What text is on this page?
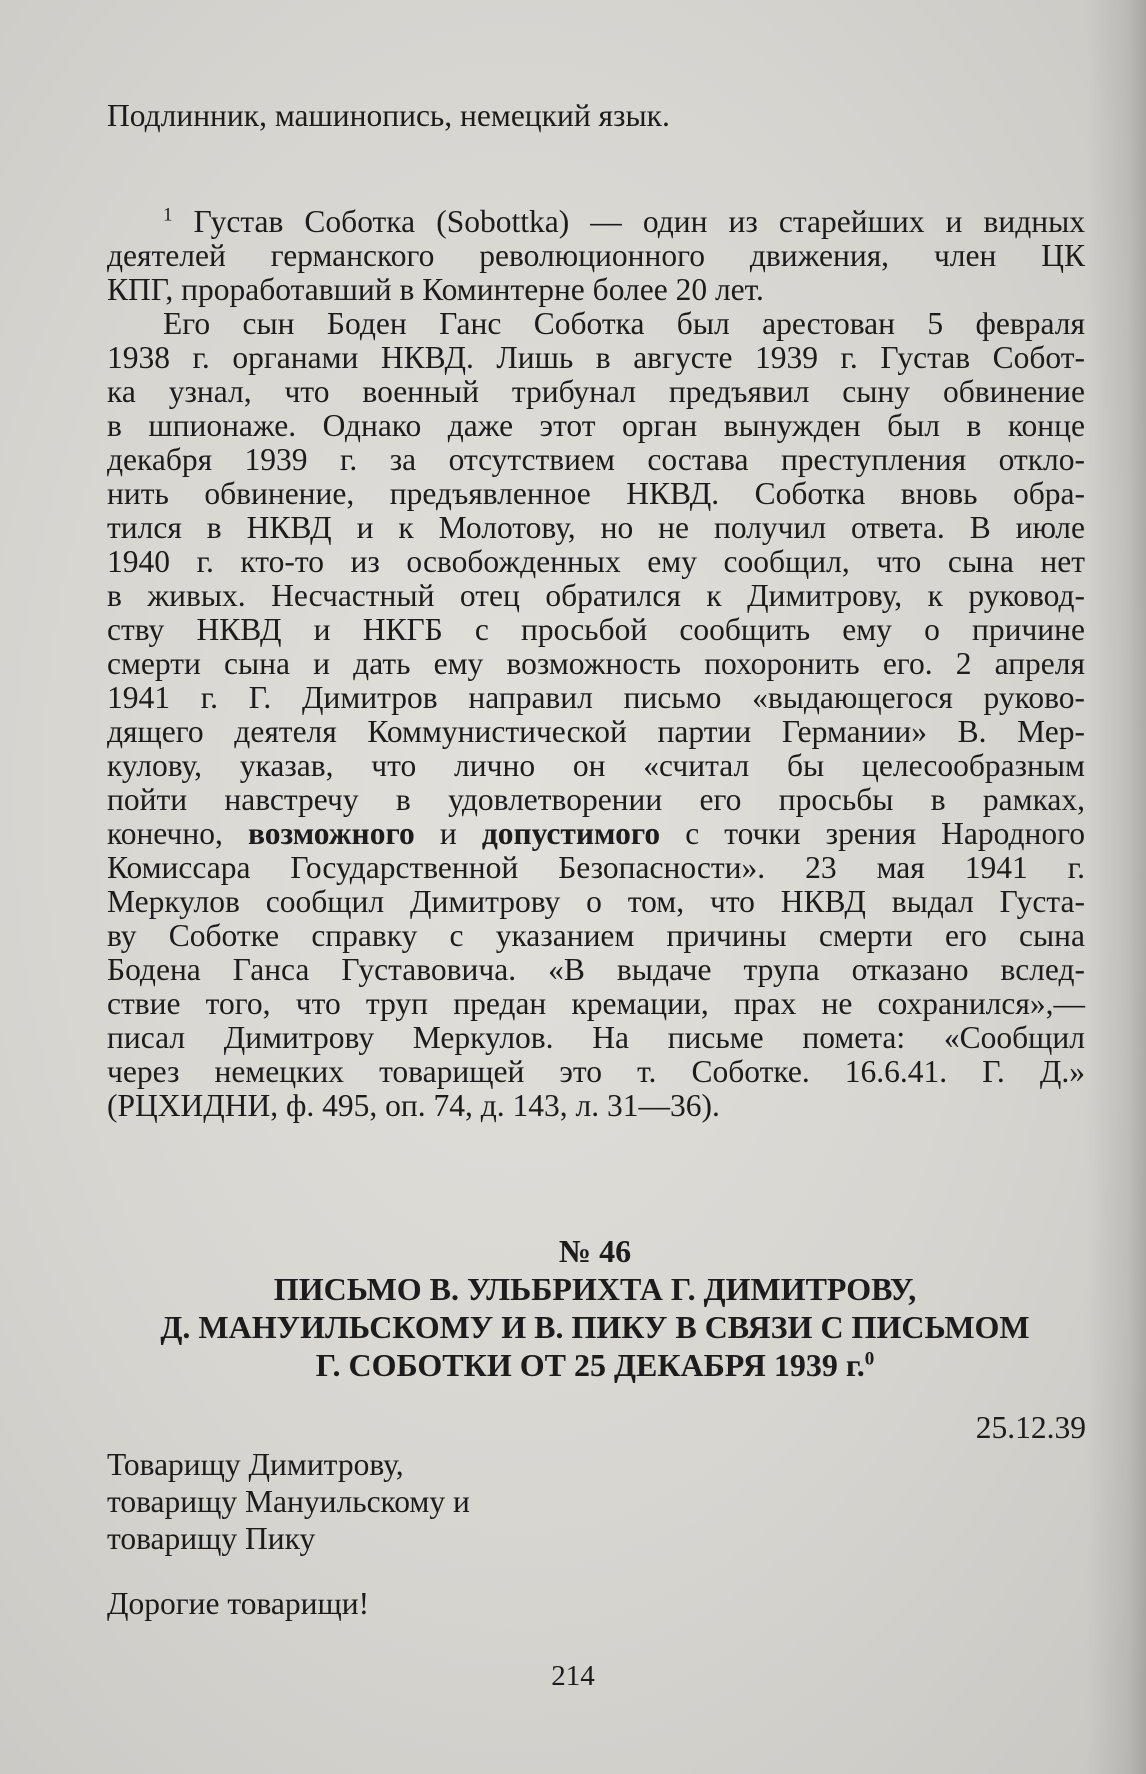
Подлинник, машинопись, немецкий язык.
$^1$ Густав Соботка (Sobottka) — один из старейших и видных
деятелей германского революционного движения, член ЦК
КПГ, проработавший в Коминтерне более 20 лет.
Его сын Боден Ганс Соботка был арестован 5 февраля
1938 г. органами НКВД. Лишь в августе 1939 г. Густав Собот-
ка узнал, что военный трибунал предъявил сыну обвинение
в шпионаже. Однако даже этот орган вынужден был в конце
декабря 1939 г. за отсутствием состава преступления откло-
нить обвинение, предъявленное НКВД. Соботка вновь обра-
тился в НКВД и к Молотову, но не получил ответа. В июле
1940 г. кто-то из освобожденных ему сообщил, что сына нет
в живых. Несчастный отец обратился к Димитрову, к руковод-
ству НКВД и НКГБ с просьбой сообщить ему о причине
смерти сына и дать ему возможность похоронить его. 2 апреля
1941 г. Г. Димитров направил письмо «выдающегося руково-
дящего деятеля Коммунистической партии Германии» В. Мер-
кулову, указав, что лично он «считал бы целесообразным
пойти навстречу в удовлетворении его просьбы в рамках,
конечно, возможного и допустимого с точки зрения Народного
Комиссара Государственной Безопасности». 23 мая 1941 г.
Меркулов сообщил Димитрову о том, что НКВД выдал Густа-
ву Соботке справку с указанием причины смерти его сына
Бодена Ганса Густавовича. «В выдаче трупа отказано вслед-
ствие того, что труп предан кремации, прах не сохранился»,—
писал Димитрову Меркулов. На письме помета: «Сообщил
через немецких товарищей это т. Соботке. 16.6.41. Г. Д.»
(РЦХИДНИ, ф. 495, оп. 74, д. 143, л. 31—36).
№ 46
ПИСЬМО В. УЛЬБРИХТА Г. ДИМИТРОВУ,
Д. МАНУИЛЬСКОМУ И В. ПИКУ В СВЯЗИ С ПИСЬМОМ
Г. СОБОТКИ ОТ 25 ДЕКАБРЯ 1939 г.$^0$
25.12.39
Товарищу Димитрову,
товарищу Мануильскому и
товарищу Пику
Дорогие товарищи!
214
